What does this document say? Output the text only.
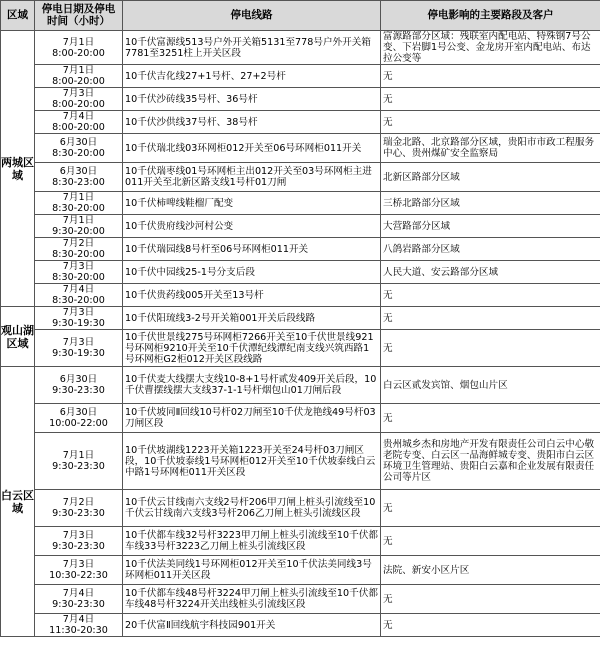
区域	停电日期及停电时间（小时）	停电线路	停电影响的主要路段及客户
两城区域	7月1日
8:00-20:00	10千伏富源线513号户外开关箱5131至778号户外开关箱7781至3251柱上开关区段	富源路部分区域：残联室内配电站、特殊钢7号公变、下岩脚1号公变、金龙房开室内配电站、布达拉公变等

	7月1日
8:00-20:00	10千伏吉化线27+1号杆、27+2号杆	无

	7月3日
8:00-20:00	10千伏沙砖线35号杆、36号杆	无

	7月4日
8:00-20:00	10千伏沙供线37号杆、38号杆	无

	6月30日
8:30-20:00	10千伏瑞北线03环网柜012开关至06号环网柜011开关	瑞金北路、北京路部分区域，贵阳市市政工程服务中心、贵州煤矿安全监察局

	6月30日
8:30-23:00	10千伏瑞枣线01号环网柜主出012开关至03号环网柜主进011开关至北新区路支线1号杆01刀闸	北新区路部分区域

	7月1日
8:30-20:00	10千伏柿啤线鞋榴厂配变	三桥北路部分区域

	7月1日
9:30-20:00	10千伏贵府线沙河村公变	大营路部分区域

	7月2日
8:30-20:00	10千伏瑞园线8号杆至06号环网柜011开关	八鸽岩路部分区域

	7月3日
8:30-20:00	10千伏中园线25-1号分支后段	人民大道、安云路部分区域

	7月4日
8:30-20:00	10千伏贵药线005开关至13号杆	无
观山湖区域	7月3日
9:30-19:30	10千伏阳琉线3-2号开关箱001开关后段线路	无

	7月3日
9:30-19:30	10千伏世景线275号环网柜7266开关至10千伏世景线921号环网柜9210开关至10千伏潭纪线潭纪南支线兴筑西路1号环网柜G2柜012开关区段线路	无
白云区域	6月30日
9:30-23:30	10千伏麦大线摆大支线10-8+1号杆贰发409开关后段，10千伏曹摆线摆大支线37-1-1号杆烟包山01刀闸后段	白云区贰发宾馆、烟包山片区

	6月30日
10:00-22:00	10千伏坡同Ⅱ回线10号杆02刀闸至10千伏龙艳线49号杆03刀闸区段	无

	7月1日
9:30-23:30	10千伏坡湖线1223开关箱1223开关至24号杆03刀闸区段，10千伏坡泰线1号环网柜012开关至10千伏坡泰线白云中路1号环网柜011开关区段	贵州城乡杰和房地产开发有限责任公司白云中心敬老院专变、白云区一品海鲜城专变、贵阳市白云区环境卫生管理站、贵阳白云嘉和企业发展有限责任公司等片区

	7月2日
9:30-23:30	10千伏云甘线南六支线2号杆206甲刀闸上桩头引流线至10千伏云甘线南六支线3号杆206乙刀闸上桩头引流线区段	无

	7月3日
9:30-23:30	10千伏都车线32号杆3223甲刀闸上桩头引流线至10千伏都车线33号杆3223乙刀闸上桩头引流线区段	无

	7月3日
10:30-22:30	10千伏法美同线1号环网柜012开关至10千伏法美同线3号环网柜011开关区段	法院、新安小区片区

	7月4日
9:30-23:30	10千伏都车线48号杆3224甲刀闸上桩头引流线至10千伏都车线48号杆3224开关出线桩头引流线区段	无

	7月4日
11:30-20:30	20千伏富Ⅱ回线航宇科技园901开关	无
